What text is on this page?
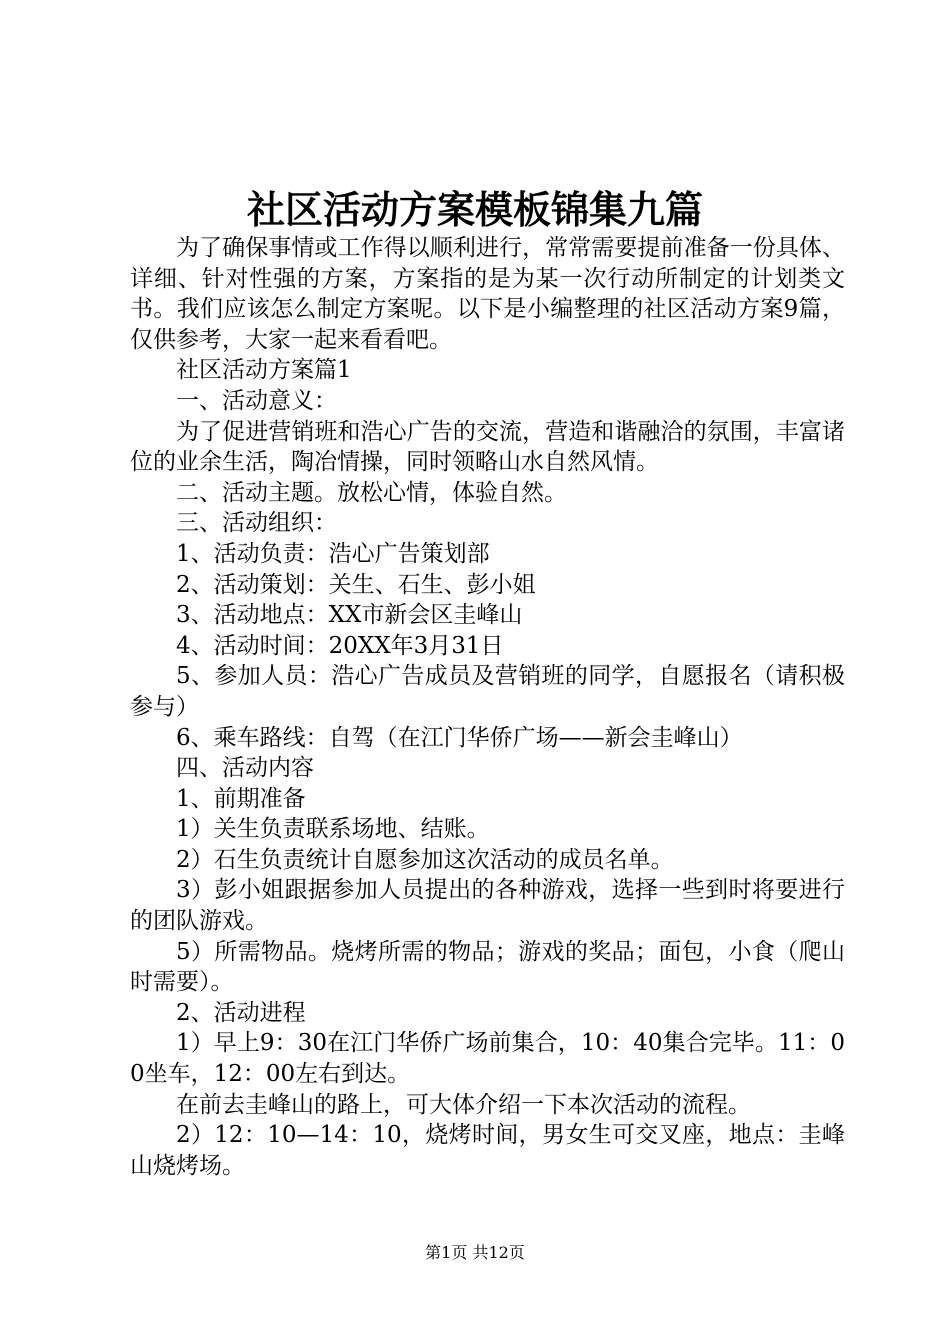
社区活动方案模板锦集九篇

为了确保事情或工作得以顺利进行，常常需要提前准备一份具体、详细、针对性强的方案，方案指的是为某一次行动所制定的计划类文书。我们应该怎么制定方案呢。以下是小编整理的社区活动方案9篇，仅供参考，大家一起来看看吧。

社区活动方案篇1

一、活动意义：

为了促进营销班和浩心广告的交流，营造和谐融洽的氛围，丰富诸位的业余生活，陶冶情操，同时领略山水自然风情。

二、活动主题。放松心情，体验自然。

三、活动组织：

1、活动负责：浩心广告策划部

2、活动策划：关生、石生、彭小姐

3、活动地点：XX市新会区圭峰山

4、活动时间：20XX年3月31日

5、参加人员：浩心广告成员及营销班的同学，自愿报名（请积极参与）

6、乘车路线：自驾（在江门华侨广场——新会圭峰山）

四、活动内容

1、前期准备

1）关生负责联系场地、结账。

2）石生负责统计自愿参加这次活动的成员名单。

3）彭小姐跟据参加人员提出的各种游戏，选择一些到时将要进行的团队游戏。

5）所需物品。烧烤所需的物品；游戏的奖品；面包，小食（爬山时需要）。

2、活动进程

1）早上9：30在江门华侨广场前集合，10：40集合完毕。11：00坐车，12：00左右到达。

在前去圭峰山的路上，可大体介绍一下本次活动的流程。

2）12：10—14：10，烧烤时间，男女生可交叉座，地点：圭峰山烧烤场。

第1页 共12页
